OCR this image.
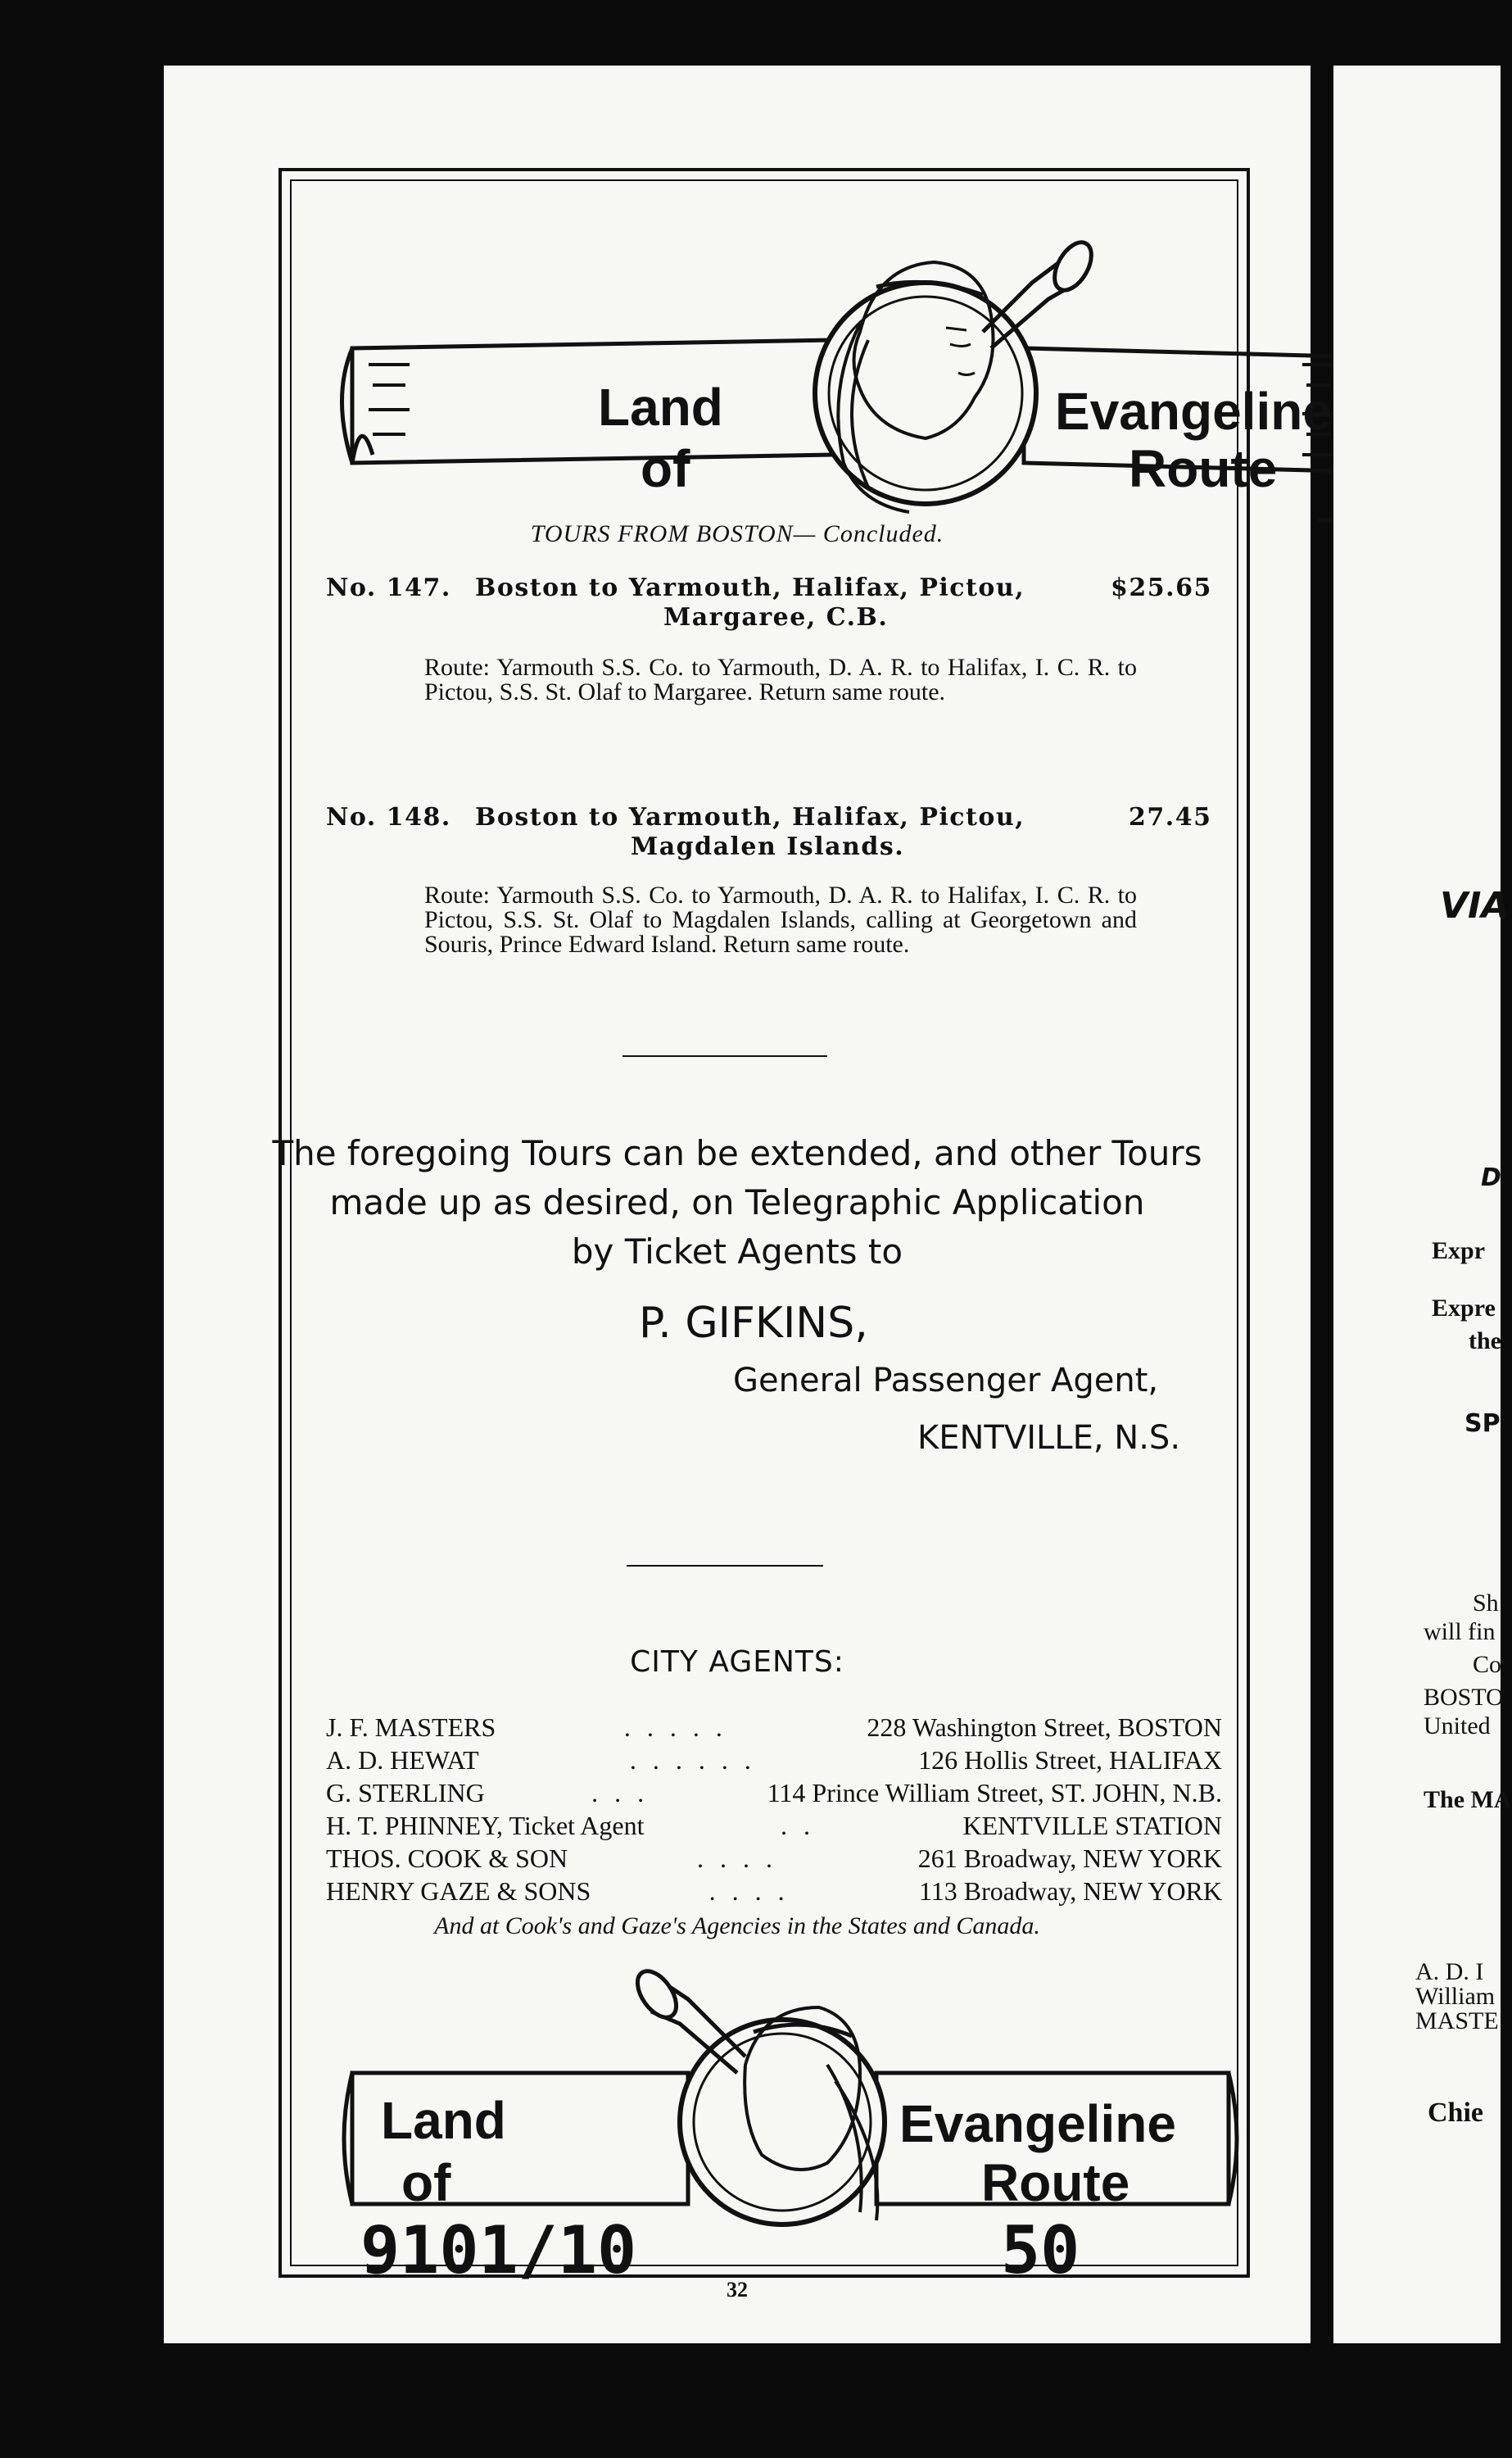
Land
of
Evangeline
Route
TOURS FROM BOSTON— Concluded.
No. 147. Boston to Yarmouth, Halifax, Pictou,	$25.65
Margaree, C.B.
Route: Yarmouth S.S. Co. to Yarmouth, D. A. R. to Halifax, I. C. R. to Pictou, S.S. St. Olaf to Margaree. Return same route.
No. 148. Boston to Yarmouth, Halifax, Pictou,	27.45
Magdalen Islands.
Route: Yarmouth S.S. Co. to Yarmouth, D. A. R. to Halifax, I. C. R. to Pictou, S.S. St. Olaf to Magdalen Islands, calling at Georgetown and Souris, Prince Edward Island. Return same route.
The foregoing Tours can be extended, and other Tours
made up as desired, on Telegraphic Application
by Ticket Agents to
P. GIFKINS,
General Passenger Agent,
KENTVILLE, N.S.
CITY AGENTS:
J. F. MASTERS	.....	228 Washington Street, BOSTON
A. D. HEWAT	......	126 Hollis Street, HALIFAX
G. STERLING	...	114 Prince William Street, ST. JOHN, N.B.
H. T. PHINNEY, Ticket Agent	..	KENTVILLE STATION
THOS. COOK & SON	....	261 Broadway, NEW YORK
HENRY GAZE & SONS	....	113 Broadway, NEW YORK
And at Cook's and Gaze's Agencies in the States and Canada.
Land
of
Evangeline
Route
9101/10	50
32
VIA
D
Expr
Expre
the
SP
Sh
will fin
Co
BOSTO
United
The MA
A. D. I
William
MASTE
Chie
